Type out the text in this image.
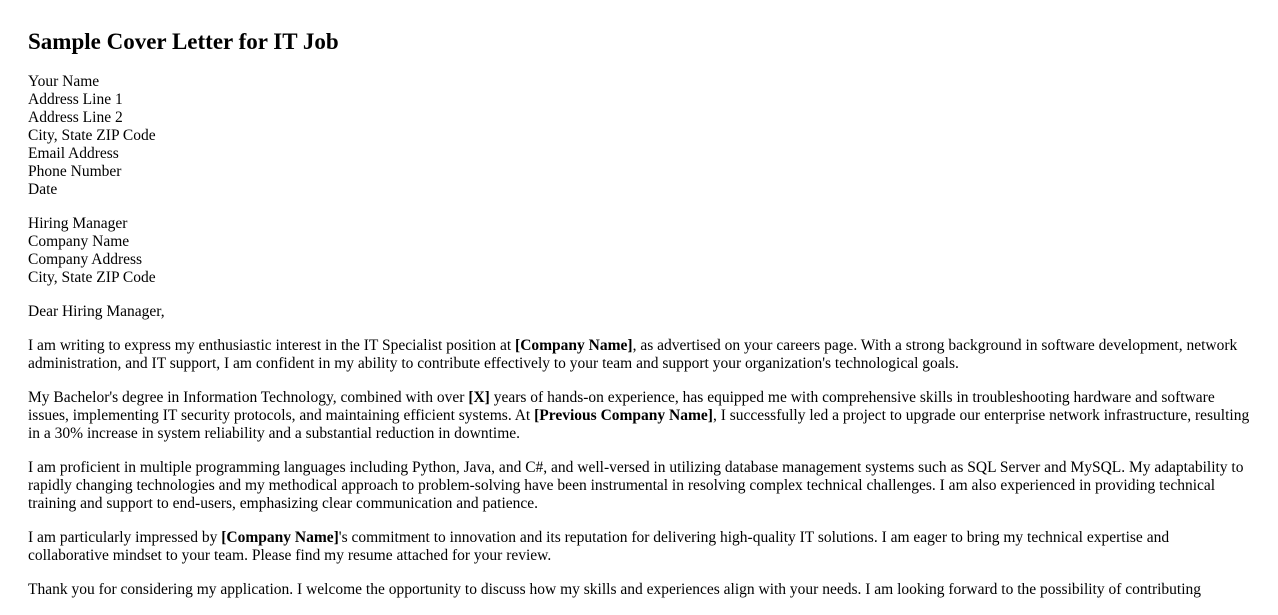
Sample Cover Letter for IT Job
Your Name
Address Line 1
Address Line 2
City, State ZIP Code
Email Address
Phone Number
Date
Hiring Manager
Company Name
Company Address
City, State ZIP Code

Dear Hiring Manager,

I am writing to express my enthusiastic interest in the IT Specialist position at [Company Name], as advertised on your careers page. With a strong background in software development, network administration, and IT support, I am confident in my ability to contribute effectively to your team and support your organization's technological goals.

My Bachelor's degree in Information Technology, combined with over [X] years of hands-on experience, has equipped me with comprehensive skills in troubleshooting hardware and software issues, implementing IT security protocols, and maintaining efficient systems. At [Previous Company Name], I successfully led a project to upgrade our enterprise network infrastructure, resulting in a 30% increase in system reliability and a substantial reduction in downtime.

I am proficient in multiple programming languages including Python, Java, and C#, and well-versed in utilizing database management systems such as SQL Server and MySQL. My adaptability to rapidly changing technologies and my methodical approach to problem-solving have been instrumental in resolving complex technical challenges. I am also experienced in providing technical training and support to end-users, emphasizing clear communication and patience.

I am particularly impressed by [Company Name]'s commitment to innovation and its reputation for delivering high-quality IT solutions. I am eager to bring my technical expertise and collaborative mindset to your team. Please find my resume attached for your review.

Thank you for considering my application. I welcome the opportunity to discuss how my skills and experiences align with your needs. I am looking forward to the possibility of contributing
